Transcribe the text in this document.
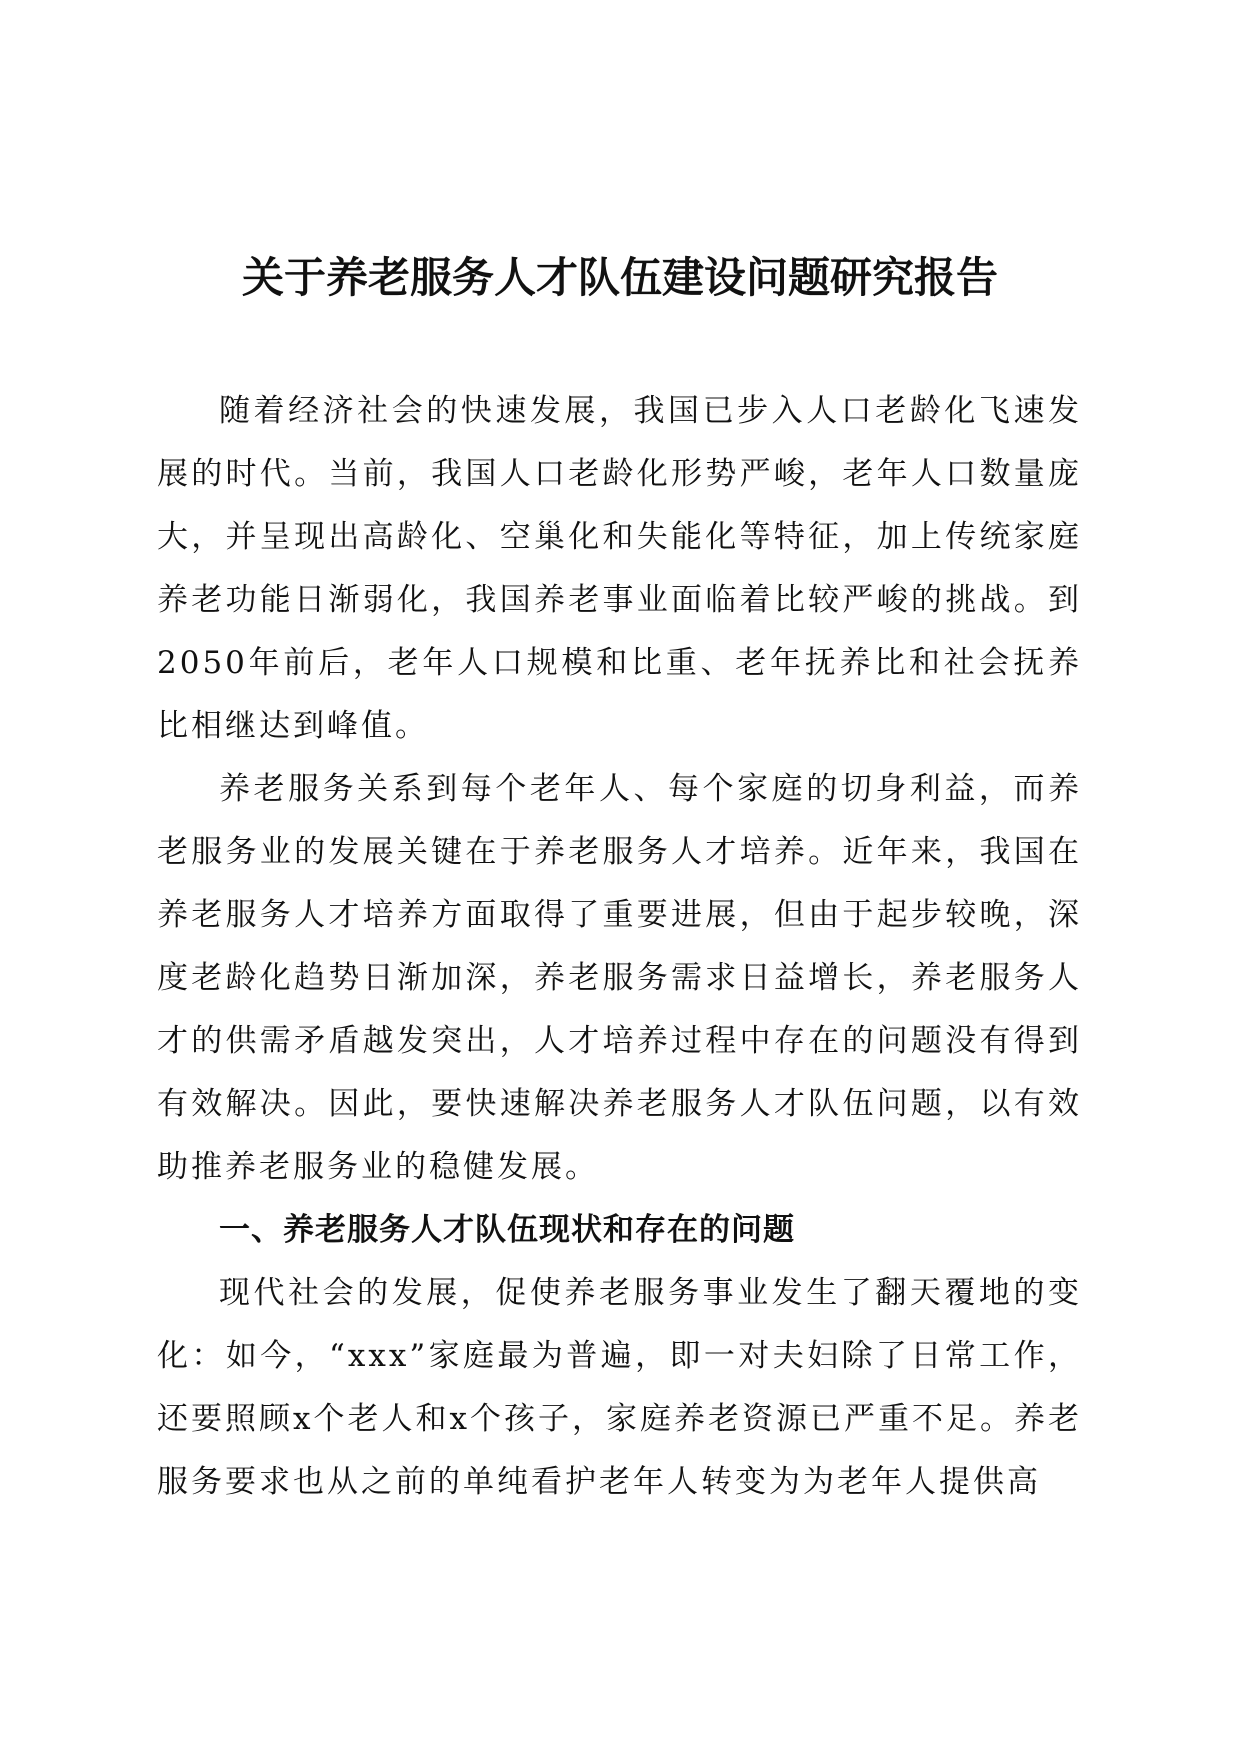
关于养老服务人才队伍建设问题研究报告

随着经济社会的快速发展，我国已步入人口老龄化飞速发展的时代。当前，我国人口老龄化形势严峻，老年人口数量庞大，并呈现出高龄化、空巢化和失能化等特征，加上传统家庭养老功能日渐弱化，我国养老事业面临着比较严峻的挑战。到2050年前后，老年人口规模和比重、老年抚养比和社会抚养比相继达到峰值。

养老服务关系到每个老年人、每个家庭的切身利益，而养老服务业的发展关键在于养老服务人才培养。近年来，我国在养老服务人才培养方面取得了重要进展，但由于起步较晚，深度老龄化趋势日渐加深，养老服务需求日益增长，养老服务人才的供需矛盾越发突出，人才培养过程中存在的问题没有得到有效解决。因此，要快速解决养老服务人才队伍问题，以有效助推养老服务业的稳健发展。

一、养老服务人才队伍现状和存在的问题

现代社会的发展，促使养老服务事业发生了翻天覆地的变化：如今，“xxx”家庭最为普遍，即一对夫妇除了日常工作，还要照顾x个老人和x个孩子，家庭养老资源已严重不足。养老服务要求也从之前的单纯看护老年人转变为为老年人提供高
